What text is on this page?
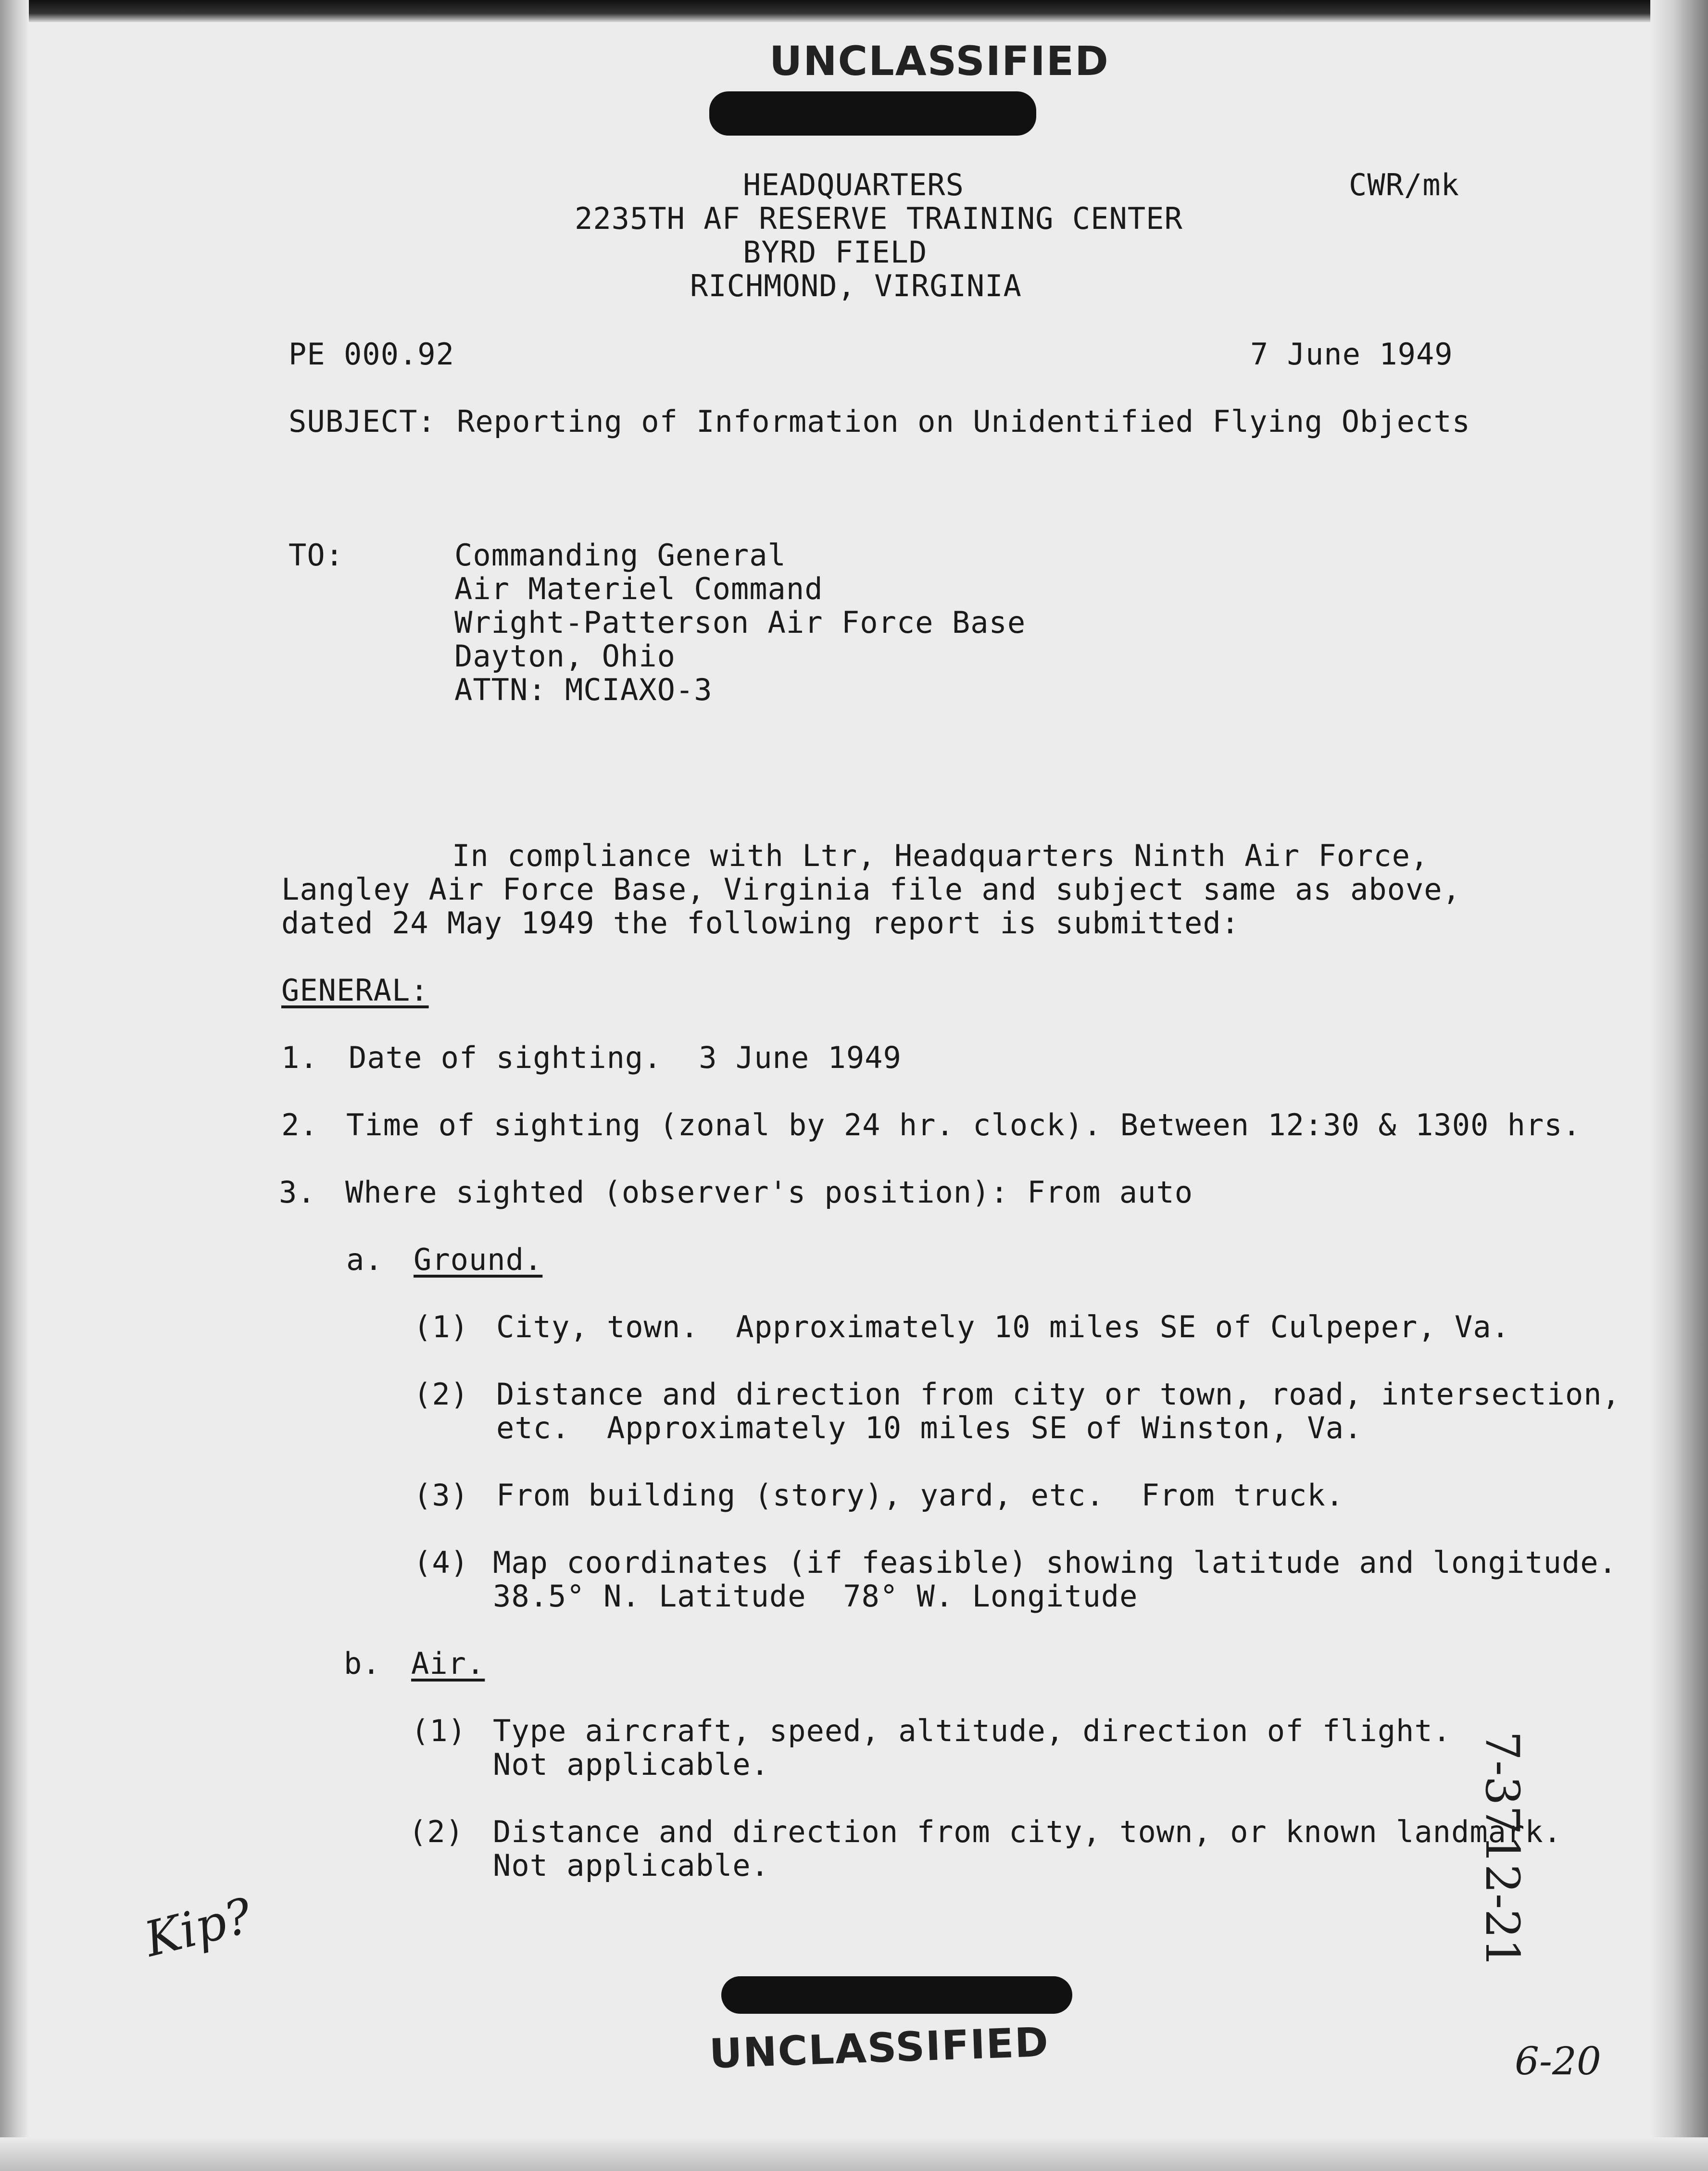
UNCLASSIFIED
HEADQUARTERS
2235TH AF RESERVE TRAINING CENTER
BYRD FIELD
RICHMOND, VIRGINIA
CWR/mk
PE 000.92	7 June 1949
SUBJECT: Reporting of Information on Unidentified Flying Objects
TO:	Commanding General
Air Materiel Command
Wright-Patterson Air Force Base
Dayton, Ohio
ATTN: MCIAXO-3
In compliance with Ltr, Headquarters Ninth Air Force,
Langley Air Force Base, Virginia file and subject same as above,
dated 24 May 1949 the following report is submitted:
GENERAL:
1. Date of sighting.  3 June 1949
2. Time of sighting (zonal by 24 hr. clock). Between 12:30 & 1300 hrs.
3. Where sighted (observer's position): From auto
a. Ground.
(1) City, town.  Approximately 10 miles SE of Culpeper, Va.
(2) Distance and direction from city or town, road, intersection,
etc.  Approximately 10 miles SE of Winston, Va.
(3) From building (story), yard, etc.  From truck.
(4) Map coordinates (if feasible) showing latitude and longitude.
38.5° N. Latitude  78° W. Longitude
b. Air.
(1) Type aircraft, speed, altitude, direction of flight.
Not applicable.
(2) Distance and direction from city, town, or known landmark.
Not applicable.
UNCLASSIFIED
7-3712-21
6-20
Kip?
